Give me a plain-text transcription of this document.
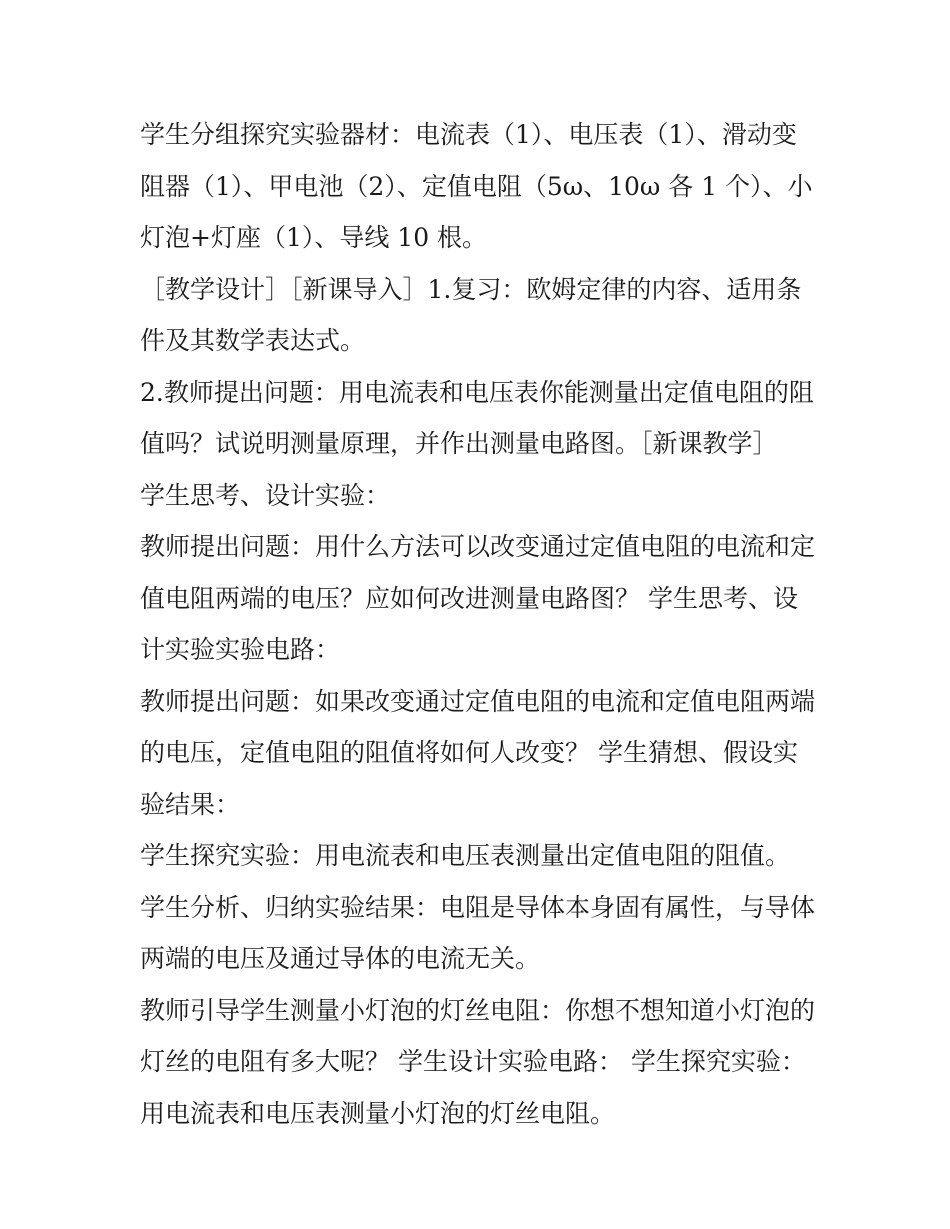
学生分组探究实验器材：电流表（1）、电压表（1）、滑动变阻器（1）、甲电池（2）、定值电阻（5ω、10ω 各 1 个）、小灯泡+灯座（1）、导线 10 根。

［教学设计］［新课导入］1.复习：欧姆定律的内容、适用条件及其数学表达式。

2.教师提出问题：用电流表和电压表你能测量出定值电阻的阻值吗？试说明测量原理，并作出测量电路图。［新课教学］

学生思考、设计实验：

教师提出问题：用什么方法可以改变通过定值电阻的电流和定值电阻两端的电压？应如何改进测量电路图？ 学生思考、设计实验实验电路：

教师提出问题：如果改变通过定值电阻的电流和定值电阻两端的电压，定值电阻的阻值将如何人改变？ 学生猜想、假设实验结果：

学生探究实验：用电流表和电压表测量出定值电阻的阻值。

学生分析、归纳实验结果：电阻是导体本身固有属性，与导体两端的电压及通过导体的电流无关。

教师引导学生测量小灯泡的灯丝电阻：你想不想知道小灯泡的灯丝的电阻有多大呢？ 学生设计实验电路： 学生探究实验：用电流表和电压表测量小灯泡的灯丝电阻。
